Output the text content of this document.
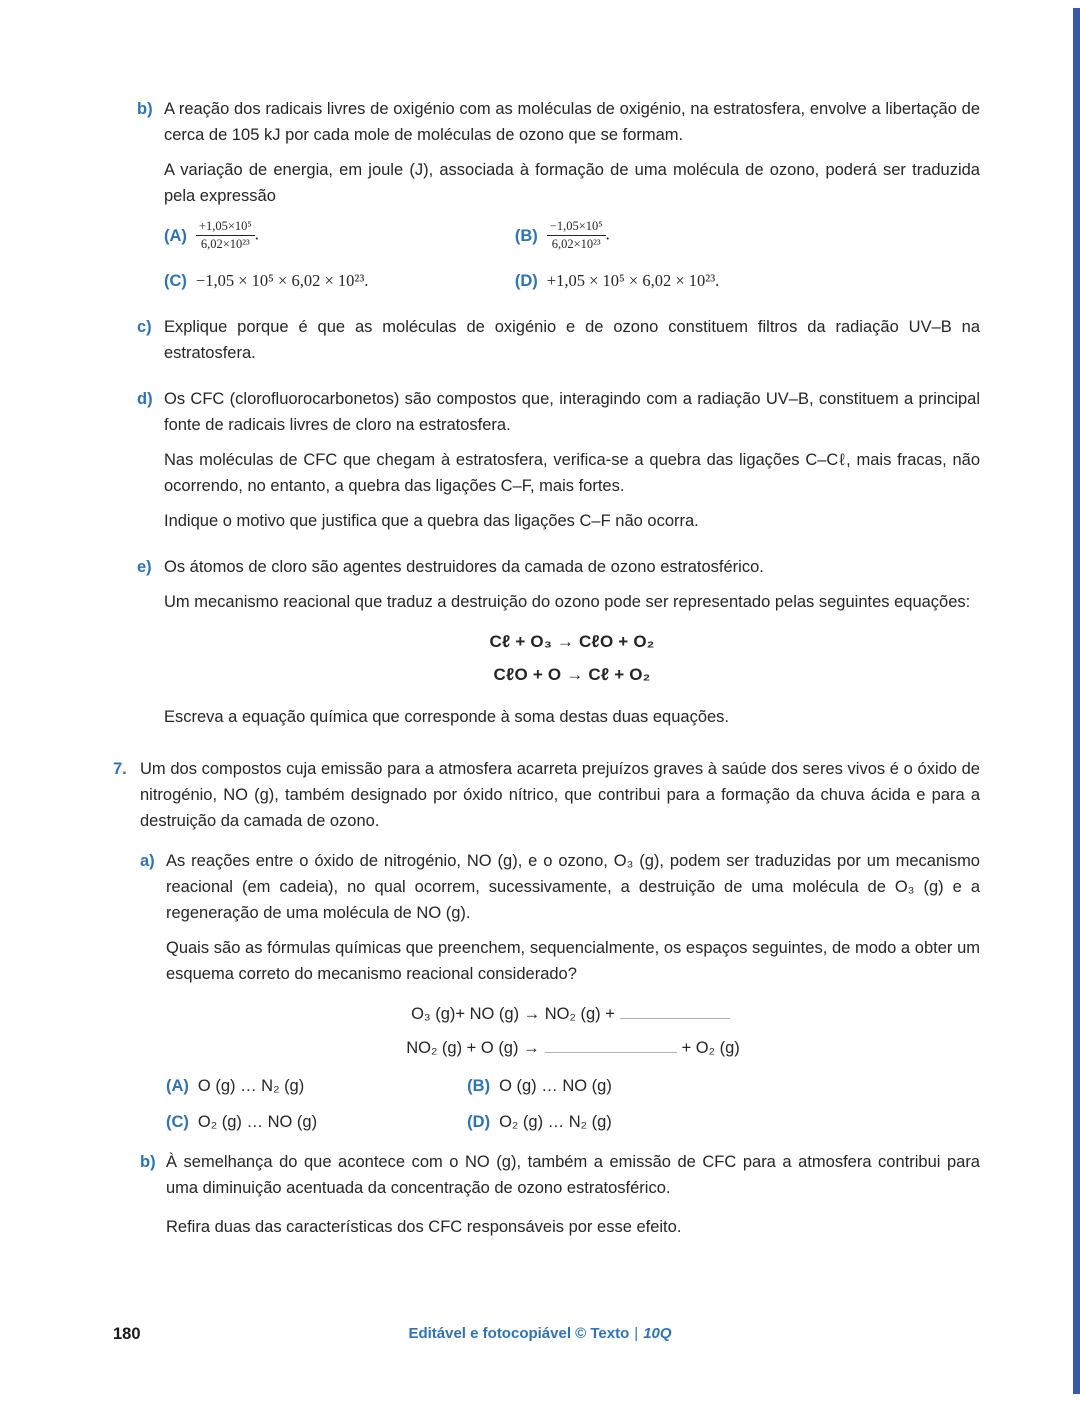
b) A reação dos radicais livres de oxigénio com as moléculas de oxigénio, na estratosfera, envolve a libertação de cerca de 105 kJ por cada mole de moléculas de ozono que se formam.

A variação de energia, em joule (J), associada à formação de uma molécula de ozono, poderá ser traduzida pela expressão

$(A) \frac{\text{+1,05×10⁵}}{\text{6,02×10²³}}$ .	$(B) \frac{\text{−1,05×10⁵}}{\text{6,02×10²³}}$ .
(C) −1,05 × 10⁵ × 6,02 × 10²³.	(D) +1,05 × 10⁵ × 6,02 × 10²³.
c) Explique porque é que as moléculas de oxigénio e de ozono constituem filtros da radiação UV–B na estratosfera.

d) Os CFC (clorofluorocarbonetos) são compostos que, interagindo com a radiação UV–B, constituem a principal fonte de radicais livres de cloro na estratosfera.

Nas moléculas de CFC que chegam à estratosfera, verifica-se a quebra das ligações C–Cℓ, mais fracas, não ocorrendo, no entanto, a quebra das ligações C–F, mais fortes.

Indique o motivo que justifica que a quebra das ligações C–F não ocorra.

e) Os átomos de cloro são agentes destruidores da camada de ozono estratosférico.

Um mecanismo reacional que traduz a destruição do ozono pode ser representado pelas seguintes equações:

Cℓ + O₃ → CℓO + O₂

CℓO + O → Cℓ + O₂

Escreva a equação química que corresponde à soma destas duas equações.

7. Um dos compostos cuja emissão para a atmosfera acarreta prejuízos graves à saúde dos seres vivos é o óxido de nitrogénio, NO (g), também designado por óxido nítrico, que contribui para a formação da chuva ácida e para a destruição da camada de ozono.

a) As reações entre o óxido de nitrogénio, NO (g), e o ozono, O₃ (g), podem ser traduzidas por um mecanismo reacional (em cadeia), no qual ocorrem, sucessivamente, a destruição de uma molécula de O₃ (g) e a regeneração de uma molécula de NO (g).

Quais são as fórmulas químicas que preenchem, sequencialmente, os espaços seguintes, de modo a obter um esquema correto do mecanismo reacional considerado?

O₃ (g)+ NO (g) → NO₂ (g) +

NO₂ (g) + O (g) →	+ O₂ (g)

(A) O (g) … N₂ (g)	(B) O (g) … NO (g)
(C) O₂ (g) … NO (g)	(D) O₂ (g) … N₂ (g)
b) À semelhança do que acontece com o NO (g), também a emissão de CFC para a atmosfera contribui para uma diminuição acentuada da concentração de ozono estratosférico.

Refira duas das características dos CFC responsáveis por esse efeito.

180	Editável e fotocopiável © Texto | 10Q
